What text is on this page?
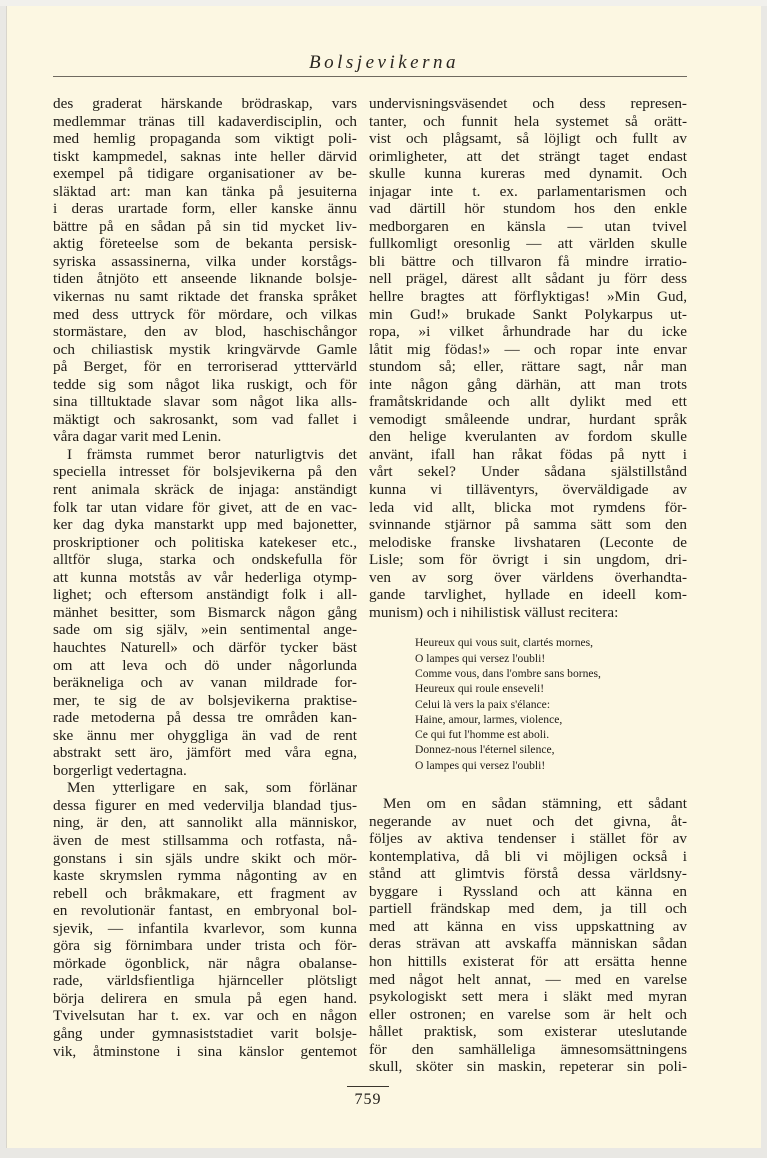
Bolsjevikerna
des graderat härskande brödraskap, vars
medlemmar tränas till kadaverdisciplin, och
med hemlig propaganda som viktigt poli-
tiskt kampmedel, saknas inte heller därvid
exempel på tidigare organisationer av be-
släktad art: man kan tänka på jesuiterna
i deras urartade form, eller kanske ännu
bättre på en sådan på sin tid mycket liv-
aktig företeelse som de bekanta persisk-
syriska assassinerna, vilka under korstågs-
tiden åtnjöto ett anseende liknande bolsje-
vikernas nu samt riktade det franska språket
med dess uttryck för mördare, och vilkas
stormästare, den av blod, haschischångor
och chiliastisk mystik kringvärvde Gamle
på Berget, för en terroriserad ytttervärld
tedde sig som något lika ruskigt, och för
sina tilltuktade slavar som något lika alls-
mäktigt och sakrosankt, som vad fallet i
våra dagar varit med Lenin.
I främsta rummet beror naturligtvis det
speciella intresset för bolsjevikerna på den
rent animala skräck de injaga: anständigt
folk tar utan vidare för givet, att de en vac-
ker dag dyka manstarkt upp med bajonetter,
proskriptioner och politiska katekeser etc.,
alltför sluga, starka och ondskefulla för
att kunna motstås av vår hederliga otymp-
lighet; och eftersom anständigt folk i all-
mänhet besitter, som Bismarck någon gång
sade om sig själv, »ein sentimental ange-
hauchtes Naturell» och därför tycker bäst
om att leva och dö under någorlunda
beräkneliga och av vanan mildrade for-
mer, te sig de av bolsjevikerna praktise-
rade metoderna på dessa tre områden kan-
ske ännu mer ohyggliga än vad de rent
abstrakt sett äro, jämfört med våra egna,
borgerligt vedertagna.
Men ytterligare en sak, som förlänar
dessa figurer en med vedervilja blandad tjus-
ning, är den, att sannolikt alla människor,
även de mest stillsamma och rotfasta, nå-
gonstans i sin själs undre skikt och mör-
kaste skrymslen rymma någonting av en
rebell och bråkmakare, ett fragment av
en revolutionär fantast, en embryonal bol-
sjevik, — infantila kvarlevor, som kunna
göra sig förnimbara under trista och för-
mörkade ögonblick, när några obalanse-
rade, världsfientliga hjärnceller plötsligt
börja delirera en smula på egen hand.
Tvivelsutan har t. ex. var och en någon
gång under gymnasiststadiet varit bolsje-
vik, åtminstone i sina känslor gentemot
undervisningsväsendet och dess represen-
tanter, och funnit hela systemet så orätt-
vist och plågsamt, så löjligt och fullt av
orimligheter, att det strängt taget endast
skulle kunna kureras med dynamit. Och
injagar inte t. ex. parlamentarismen och
vad därtill hör stundom hos den enkle
medborgaren en känsla — utan tvivel
fullkomligt oresonlig — att världen skulle
bli bättre och tillvaron få mindre irratio-
nell prägel, därest allt sådant ju förr dess
hellre bragtes att förflyktigas! »Min Gud,
min Gud!» brukade Sankt Polykarpus ut-
ropa, »i vilket århundrade har du icke
låtit mig födas!» — och ropar inte envar
stundom så; eller, rättare sagt, når man
inte någon gång därhän, att man trots
framåtskridande och allt dylikt med ett
vemodigt småleende undrar, hurdant språk
den helige kverulanten av fordom skulle
använt, ifall han råkat födas på nytt i
vårt sekel? Under sådana själstillstånd
kunna vi tilläventyrs, överväldigade av
leda vid allt, blicka mot rymdens för-
svinnande stjärnor på samma sätt som den
melodiske franske livshataren (Leconte de
Lisle; som för övrigt i sin ungdom, dri-
ven av sorg över världens överhandta-
gande tarvlighet, hyllade en ideell kom-
munism) och i nihilistisk vällust recitera:
Heureux qui vous suit, clartés mornes,
O lampes qui versez l'oubli!
Comme vous, dans l'ombre sans bornes,
Heureux qui roule enseveli!
Celui là vers la paix s'élance:
Haine, amour, larmes, violence,
Ce qui fut l'homme est aboli.
Donnez-nous l'éternel silence,
O lampes qui versez l'oubli!
Men om en sådan stämning, ett sådant
negerande av nuet och det givna, åt-
följes av aktiva tendenser i stället för av
kontemplativa, då bli vi möjligen också i
stånd att glimtvis förstå dessa världsny-
byggare i Ryssland och att känna en
partiell frändskap med dem, ja till och
med att känna en viss uppskattning av
deras strävan att avskaffa människan sådan
hon hittills existerat för att ersätta henne
med något helt annat, — med en varelse
psykologiskt sett mera i släkt med myran
eller ostronen; en varelse som är helt och
hållet praktisk, som existerar uteslutande
för den samhälleliga ämnesomsättningens
skull, sköter sin maskin, repeterar sin poli-
759
